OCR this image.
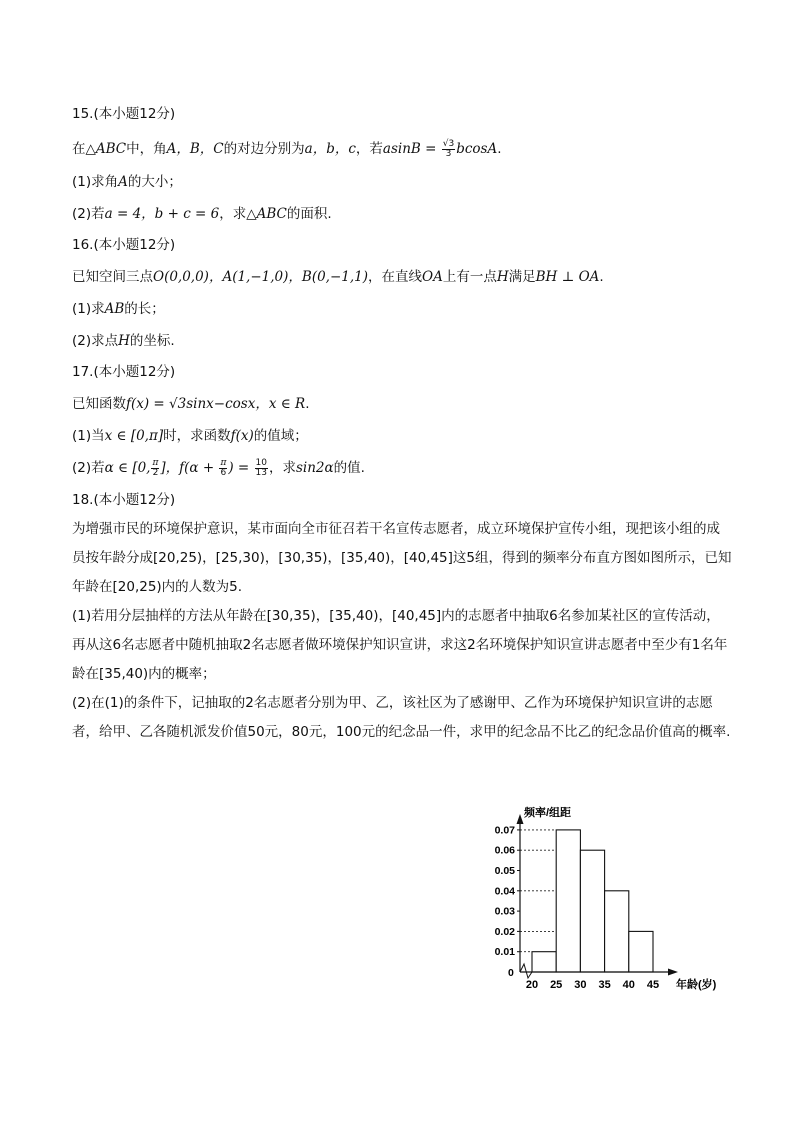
15.(本小题12分)

在△ABC中，角A，B，C的对边分别为a，b，c，若$asinB = \frac{√3}{3} bcosA$.

(1)求角A的大小；

(2)若a = 4，b + c = 6，求△ABC的面积.

16.(本小题12分)

已知空间三点O(0,0,0)，A(1,−1,0)，B(0,−1,1)，在直线OA上有一点H满足BH ⊥ OA.

(1)求AB的长；

(2)求点H的坐标.

17.(本小题12分)

已知函数f(x) = √3sinx−cosx，x ∈ R.

(1)当x ∈ [0,π]时，求函数f(x)的值域；

(2)若α ∈ [0, $\frac{\pi}{2}$ ]，$f(\alpha + \frac{\pi}{6}$ ) = $\frac{10}{13}$ ，求sin2α的值.

18.(本小题12分)

为增强市民的环境保护意识，某市面向全市征召若干名宣传志愿者，成立环境保护宣传小组，现把该小组的成员按年龄分成[20,25)，[25,30)，[30,35)，[35,40)，[40,45]这5组，得到的频率分布直方图如图所示，已知年龄在[20,25)内的人数为5.

(1)若用分层抽样的方法从年龄在[30,35)，[35,40)，[40,45]内的志愿者中抽取6名参加某社区的宣传活动，再从这6名志愿者中随机抽取2名志愿者做环境保护知识宣讲，求这2名环境保护知识宣讲志愿者中至少有1名年龄在[35,40)内的概率；

(2)在(1)的条件下，记抽取的2名志愿者分别为甲、乙，该社区为了感谢甲、乙作为环境保护知识宣讲的志愿者，给甲、乙各随机派发价值50元，80元，100元的纪念品一件，求甲的纪念品不比乙的纪念品价值高的概率.

频率/组距
0
年龄(岁)
0.01
0.02
0.03
0.04
0.05
0.06
0.07
20 25 30 35 40 45
